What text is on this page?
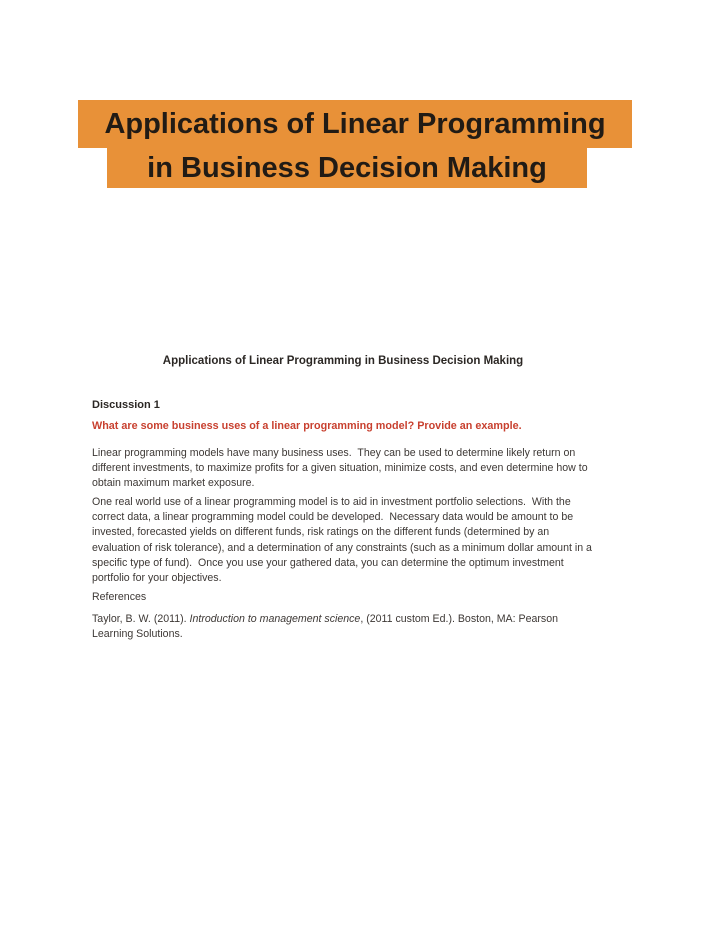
Applications of Linear Programming
in Business Decision Making
Applications of Linear Programming in Business Decision Making
Discussion 1
What are some business uses of a linear programming model? Provide an example.
Linear programming models have many business uses.  They can be used to determine likely return on
different investments, to maximize profits for a given situation, minimize costs, and even determine how to
obtain maximum market exposure.
One real world use of a linear programming model is to aid in investment portfolio selections.  With the
correct data, a linear programming model could be developed.  Necessary data would be amount to be
invested, forecasted yields on different funds, risk ratings on the different funds (determined by an
evaluation of risk tolerance), and a determination of any constraints (such as a minimum dollar amount in a
specific type of fund).  Once you use your gathered data, you can determine the optimum investment
portfolio for your objectives.
References
Taylor, B. W. (2011). Introduction to management science, (2011 custom Ed.). Boston, MA: Pearson
Learning Solutions.
